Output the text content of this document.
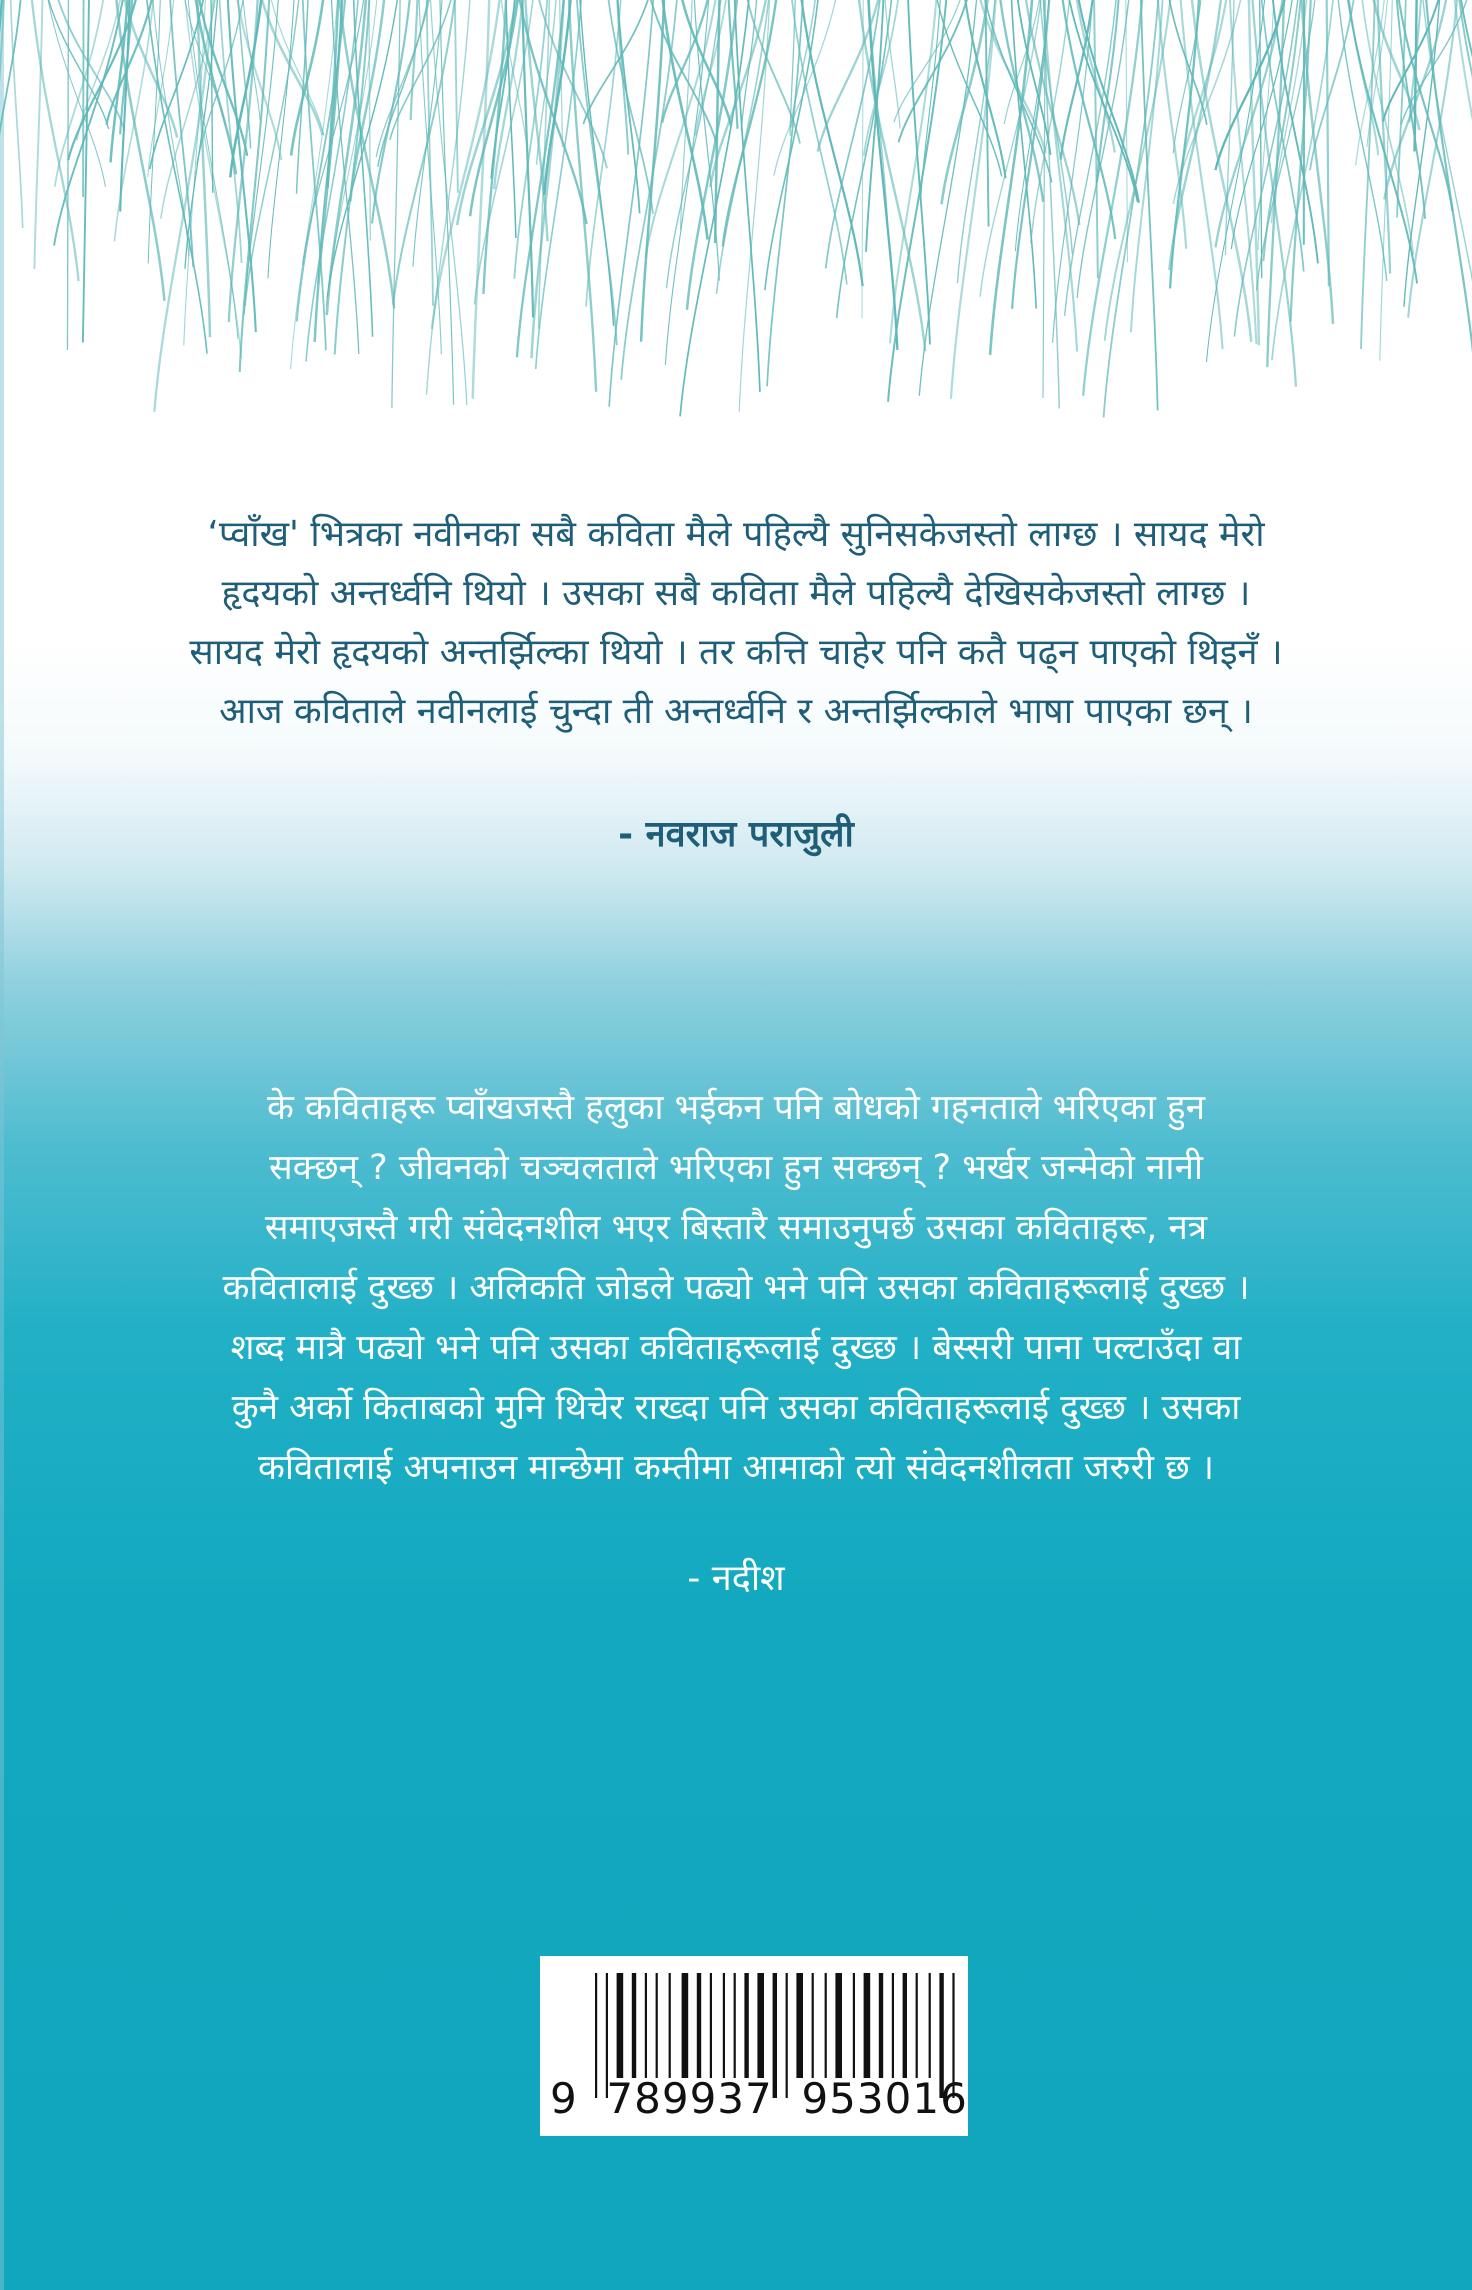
‘प्वाँख' भित्रका नवीनका सबै कविता मैले पहिल्यै सुनिसकेजस्तो लाग्छ । सायद मेरो
हृदयको अन्तर्ध्वनि थियो । उसका सबै कविता मैले पहिल्यै देखिसकेजस्तो लाग्छ ।
सायद मेरो हृदयको अन्तर्झिल्का थियो । तर कत्ति चाहेर पनि कतै पढ्न पाएको थिइनँ ।
आज कविताले नवीनलाई चुन्दा ती अन्तर्ध्वनि र अन्तर्झिल्काले भाषा पाएका छन् ।
- नवराज पराजुली
के कविताहरू प्वाँखजस्तै हलुका भईकन पनि बोधको गहनताले भरिएका हुन
सक्छन् ? जीवनको चञ्चलताले भरिएका हुन सक्छन् ? भर्खर जन्मेको नानी
समाएजस्तै गरी संवेदनशील भएर बिस्तारै समाउनुपर्छ उसका कविताहरू, नत्र
कवितालाई दुख्छ । अलिकति जोडले पढ्यो भने पनि उसका कविताहरूलाई दुख्छ ।
शब्द मात्रै पढ्यो भने पनि उसका कविताहरूलाई दुख्छ । बेस्सरी पाना पल्टाउँदा वा
कुनै अर्को किताबको मुनि थिचेर राख्दा पनि उसका कविताहरूलाई दुख्छ । उसका
कवितालाई अपनाउन मान्छेमा कम्तीमा आमाको त्यो संवेदनशीलता जरुरी छ ।
- नदीश
9  789937  953016
